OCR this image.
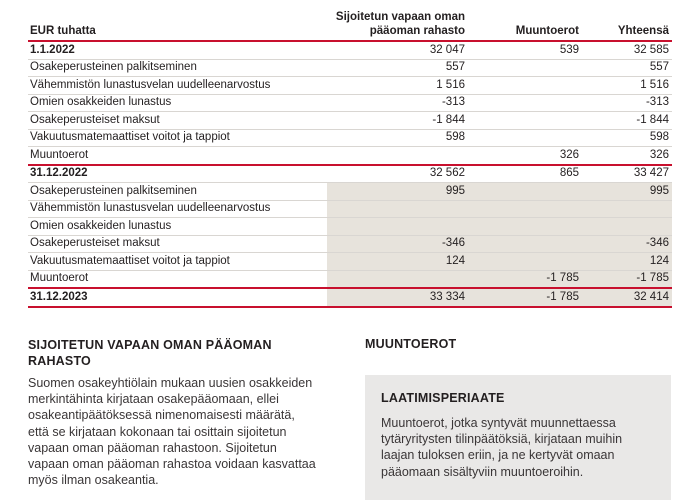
EUR tuhatta	Sijoitetun vapaan oman pääoman rahasto	Muuntoerot	Yhteensä
1.1.2022	32 047	539	32 585
Osakeperusteinen palkitseminen	557		557
Vähemmistön lunastusvelan uudelleenarvostus	1 516		1 516
Omien osakkeiden lunastus	-313		-313
Osakeperusteiset maksut	-1 844		-1 844
Vakuutusmatemaattiset voitot ja tappiot	598		598
Muuntoerot		326	326
31.12.2022	32 562	865	33 427
Osakeperusteinen palkitseminen	995		995
Vähemmistön lunastusvelan uudelleenarvostus			
Omien osakkeiden lunastus			
Osakeperusteiset maksut	-346		-346
Vakuutusmatemaattiset voitot ja tappiot	124		124
Muuntoerot		-1 785	-1 785
31.12.2023	33 334	-1 785	32 414
SIJOITETUN VAPAAN OMAN PÄÄOMAN RAHASTO

Suomen osakeyhtiölain mukaan uusien osakkeiden merkintähinta kirjataan osakepääomaan, ellei osakeantipäätöksessä nimenomaisesti määrätä, että se kirjataan kokonaan tai osittain sijoitetun vapaan oman pääoman rahastoon. Sijoitetun vapaan oman pääoman rahastoa voidaan kasvattaa myös ilman osakeantia.

MUUNTOEROT
LAATIMISPERIAATE

Muuntoerot, jotka syntyvät muunnettaessa tytäryritysten tilinpäätöksiä, kirjataan muihin laajan tuloksen eriin, ja ne kertyvät omaan pääomaan sisältyviin muuntoeroihin.
